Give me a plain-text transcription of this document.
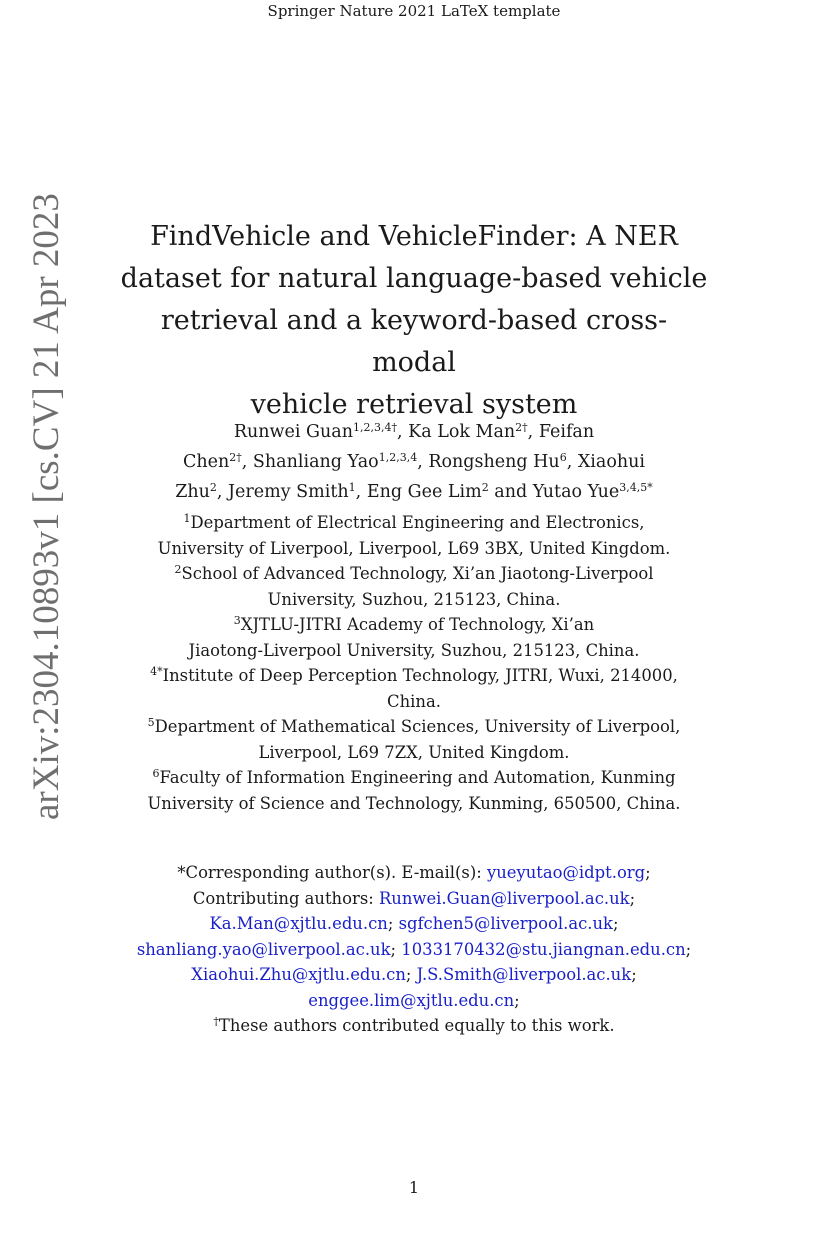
Springer Nature 2021 LaTeX template
arXiv:2304.10893v1 [cs.CV] 21 Apr 2023	FindVehicle and VehicleFinder: A NER
dataset for natural language-based vehicle
retrieval and a keyword-based cross-modal
vehicle retrieval system
Runwei Guan$^{1,2,3,4\dagger}$, Ka Lok Man$^{2\dagger}$, Feifan
Chen$^{2\dagger}$, Shanliang Yao$^{1,2,3,4}$, Rongsheng Hu$^6$, Xiaohui
Zhu$^2$, Jeremy Smith$^1$, Eng Gee Lim$^2$ and Yutao Yue$^{3,4,5*}$
$^1$Department of Electrical Engineering and Electronics,
University of Liverpool, Liverpool, L69 3BX, United Kingdom.
$^2$School of Advanced Technology, Xi’an Jiaotong-Liverpool
University, Suzhou, 215123, China.
$^3$XJTLU-JITRI Academy of Technology, Xi’an
Jiaotong-Liverpool University, Suzhou, 215123, China.
$^{4*}$Institute of Deep Perception Technology, JITRI, Wuxi, 214000,
China.
$^5$Department of Mathematical Sciences, University of Liverpool,
Liverpool, L69 7ZX, United Kingdom.
$^6$Faculty of Information Engineering and Automation, Kunming
University of Science and Technology, Kunming, 650500, China.
*Corresponding author(s). E-mail(s): yueyutao@idpt.org;
Contributing authors: Runwei.Guan@liverpool.ac.uk;
Ka.Man@xjtlu.edu.cn; sgfchen5@liverpool.ac.uk;
shanliang.yao@liverpool.ac.uk; 1033170432@stu.jiangnan.edu.cn;
Xiaohui.Zhu@xjtlu.edu.cn; J.S.Smith@liverpool.ac.uk;
enggee.lim@xjtlu.edu.cn;
†These authors contributed equally to this work.
1
